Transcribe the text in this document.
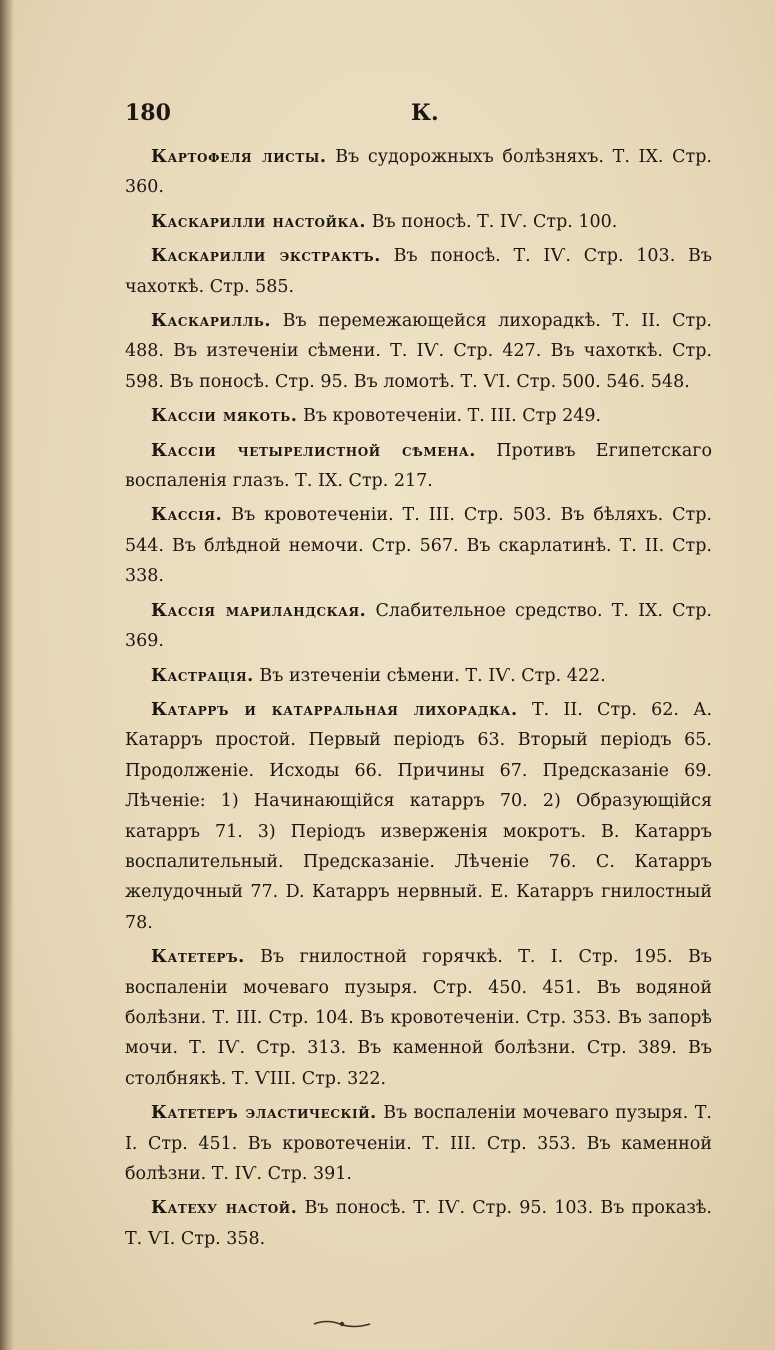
180	К.

Картофеля листы. Въ судорожныхъ болѣзняхъ. Т. IX. Стр. 360.

Каскарилли настойка. Въ поносѣ. Т. IѴ. Стр. 100.

Каскарилли экстрактъ. Въ поносѣ. Т. IѴ. Стр. 103. Въ чахоткѣ. Стр. 585.

Каскарилль. Въ перемежающейся лихорадкѣ. Т. II. Стр. 488. Въ изтеченіи сѣмени. Т. IѴ. Стр. 427. Въ чахоткѣ. Стр. 598. Въ поносѣ. Стр. 95. Въ ломотѣ. Т. ѴI. Стр. 500. 546. 548.

Кассіи мякоть. Въ кровотеченіи. Т. III. Стр 249.

Кассіи четырелистной сѣмена. Противъ Египетскаго воспаленія глазъ. Т. IX. Стр. 217.

Кассія. Въ кровотеченіи. Т. III. Стр. 503. Въ бѣляхъ. Стр. 544. Въ блѣдной немочи. Стр. 567. Въ скарлатинѣ. Т. II. Стр. 338.

Кассія мариландская. Слабительное средство. Т. IX. Стр. 369.

Кастрація. Въ изтеченіи сѣмени. Т. IѴ. Стр. 422.

Катарръ и катарральная лихорадка. Т. II. Стр. 62. А. Катарръ простой. Первый періодъ 63. Вторый періодъ 65. Продолженіе. Исходы 66. Причины 67. Предсказаніе 69. Лѣченіе: 1) Начинающійся катарръ 70. 2) Образующійся катарръ 71. 3) Періодъ изверженія мокротъ. В. Катарръ воспалительный. Предсказаніе. Лѣченіе 76. С. Катарръ желудочный 77. D. Катарръ нервный. Е. Катарръ гнилостный 78.

Катетеръ. Въ гнилостной горячкѣ. Т. I. Стр. 195. Въ воспаленіи мочеваго пузыря. Стр. 450. 451. Въ водяной болѣзни. Т. III. Стр. 104. Въ кровотеченіи. Стр. 353. Въ запорѣ мочи. Т. IѴ. Стр. 313. Въ каменной болѣзни. Стр. 389. Въ столбнякѣ. Т. ѴIII. Стр. 322.

Катетеръ эластическій. Въ воспаленіи мочеваго пузыря. Т. I. Стр. 451. Въ кровотеченіи. Т. III. Стр. 353. Въ каменной болѣзни. Т. IѴ. Стр. 391.

Катеху настой. Въ поносѣ. Т. IѴ. Стр. 95. 103. Въ проказѣ. Т. ѴI. Стр. 358.
